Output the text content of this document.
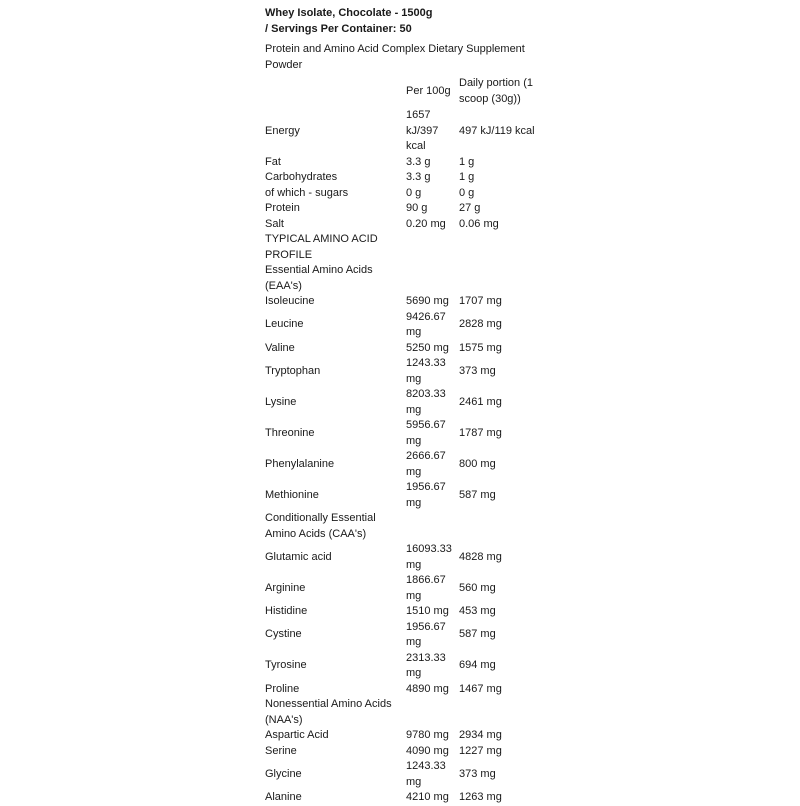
Whey Isolate, Chocolate - 1500g
/ Servings Per Container: 50
Protein and Amino Acid Complex Dietary Supplement Powder
	Per 100g	Daily portion (1 scoop (30g))
Energy	1657 kJ/397 kcal	497 kJ/119 kcal
Fat	3.3 g	1 g
Carbohydrates	3.3 g	1 g
of which - sugars	0 g	0 g
Protein	90 g	27 g
Salt	0.20 mg	0.06 mg
TYPICAL AMINO ACID PROFILE		
Essential Amino Acids (EAA's)		
Isoleucine	5690 mg	1707 mg
Leucine	9426.67 mg	2828 mg
Valine	5250 mg	1575 mg
Tryptophan	1243.33 mg	373 mg
Lysine	8203.33 mg	2461 mg
Threonine	5956.67 mg	1787 mg
Phenylalanine	2666.67 mg	800 mg
Methionine	1956.67 mg	587 mg
Conditionally Essential Amino Acids (CAA's)		
Glutamic acid	16093.33 mg	4828 mg
Arginine	1866.67 mg	560 mg
Histidine	1510 mg	453 mg
Cystine	1956.67 mg	587 mg
Tyrosine	2313.33 mg	694 mg
Proline	4890 mg	1467 mg
Nonessential Amino Acids (NAA's)		
Aspartic Acid	9780 mg	2934 mg
Serine	4090 mg	1227 mg
Glycine	1243.33 mg	373 mg
Alanine	4210 mg	1263 mg
